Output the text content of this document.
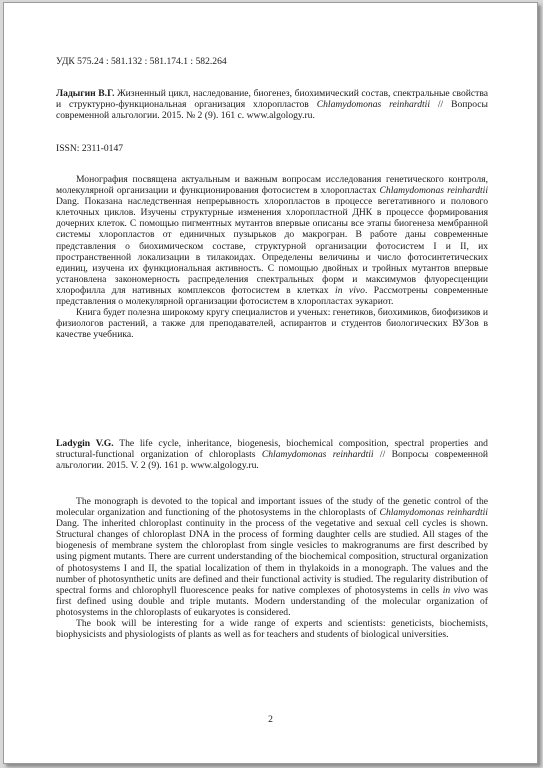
УДК 575.24 : 581.132 : 581.174.1 : 582.264

Ладыгин В.Г. Жизненный цикл, наследование, биогенез, биохимический состав, спектральные свойства и структурно-функциональная организация хлоропластов Chlamydomonas reinhardtii // Вопросы современной альгологии. 2015. № 2 (9). 161 с. www.algology.ru.

ISSN: 2311-0147

Монография посвящена актуальным и важным вопросам исследования генетического контроля, молекулярной организации и функционирования фотосистем в хлоропластах Chlamydomonas reinhardtii Dang. Показана наследственная непрерывность хлоропластов в процессе вегетативного и полового клеточных циклов. Изучены структурные изменения хлоропластной ДНК в процессе формирования дочерних клеток. С помощью пигментных мутантов впервые описаны все этапы биогенеза мембранной системы хлоропластов от единичных пузырьков до макрогран. В работе даны современные представления о биохимическом составе, структурной организации фотосистем I и II, их пространственной локализации в тилакоидах. Определены величины и число фотосинтетических единиц, изучена их функциональная активность. С помощью двойных и тройных мутантов впервые установлена закономерность распределения спектральных форм и максимумов флуоресценции хлорофилла для нативных комплексов фотосистем в клетках in vivo. Рассмотрены современные представления о молекулярной организации фотосистем в хлоропластах эукариот.

Книга будет полезна широкому кругу специалистов и ученых: генетиков, биохимиков, биофизиков и физиологов растений, а также для преподавателей, аспирантов и студентов биологических ВУЗов в качестве учебника.

Ladygin V.G. The life cycle, inheritance, biogenesis, biochemical composition, spectral properties and structural-functional organization of chloroplasts Chlamydomonas reinhardtii // Вопросы современной альгологии. 2015. V. 2 (9). 161 p. www.algology.ru.

The monograph is devoted to the topical and important issues of the study of the genetic control of the molecular organization and functioning of the photosystems in the chloroplasts of Chlamydomonas reinhardtii Dang. The inherited chloroplast continuity in the process of the vegetative and sexual cell cycles is shown. Structural changes of chloroplast DNA in the process of forming daughter cells are studied. All stages of the biogenesis of membrane system the chloroplast from single vesicles to makrogranums are first described by using pigment mutants. There are current understanding of the biochemical composition, structural organization of photosystems I and II, the spatial localization of them in thylakoids in a monograph. The values and the number of photosynthetic units are defined and their functional activity is studied. The regularity distribution of spectral forms and chlorophyll fluorescence peaks for native complexes of photosystems in cells in vivo was first defined using double and triple mutants. Modern understanding of the molecular organization of photosystems in the chloroplasts of eukaryotes is considered.

The book will be interesting for a wide range of experts and scientists: geneticists, biochemists, biophysicists and physiologists of plants as well as for teachers and students of biological universities.

2
